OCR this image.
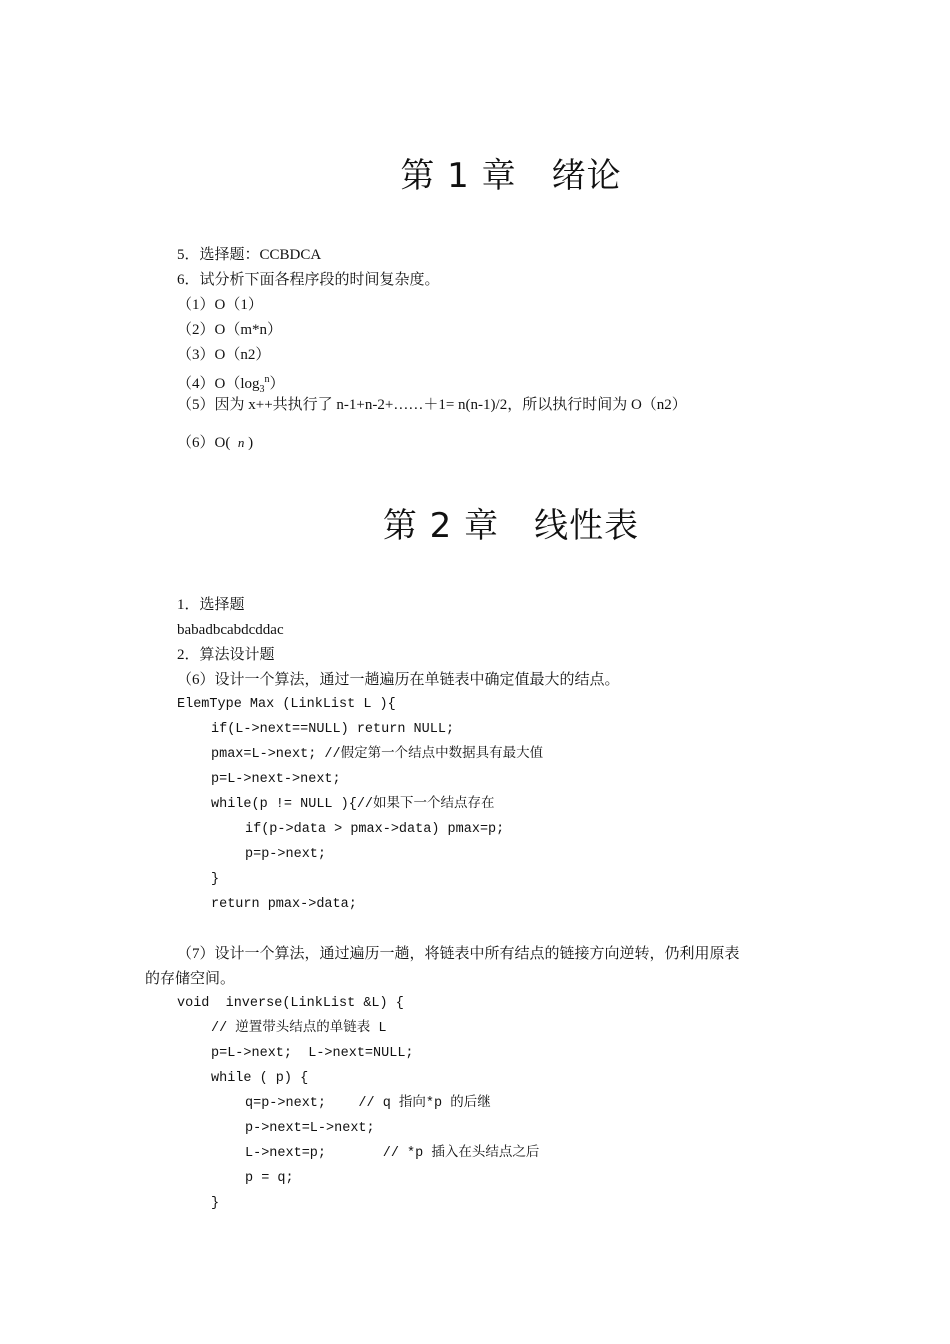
第 1 章　绪论
5．选择题：CCBDCA
6．试分析下面各程序段的时间复杂度。
（1）O（1）
（2）O（m*n）
（3）O（n2）
$(4)O(\log_3^n)$
（5）因为 x++共执行了 n-1+n-2+……＋1= n(n-1)/2，所以执行时间为 O（n2）
（6）O( n )
第 2 章　线性表
1．选择题
babadbcabdcddac
2．算法设计题
（6）设计一个算法，通过一趟遍历在单链表中确定值最大的结点。
ElemType Max (LinkList L ){
if(L->next==NULL) return NULL;
pmax=L->next; //假定第一个结点中数据具有最大值
p=L->next->next;
while(p != NULL ){//如果下一个结点存在
if(p->data > pmax->data) pmax=p;
p=p->next;
}
return pmax->data;
（7）设计一个算法，通过遍历一趟，将链表中所有结点的链接方向逆转，仍利用原表
的存储空间。
void  inverse(LinkList &L) {
// 逆置带头结点的单链表 L
p=L->next;  L->next=NULL;
while ( p) {
q=p->next;    // q 指向*p 的后继
p->next=L->next;
L->next=p;       // *p 插入在头结点之后
p = q;
}
